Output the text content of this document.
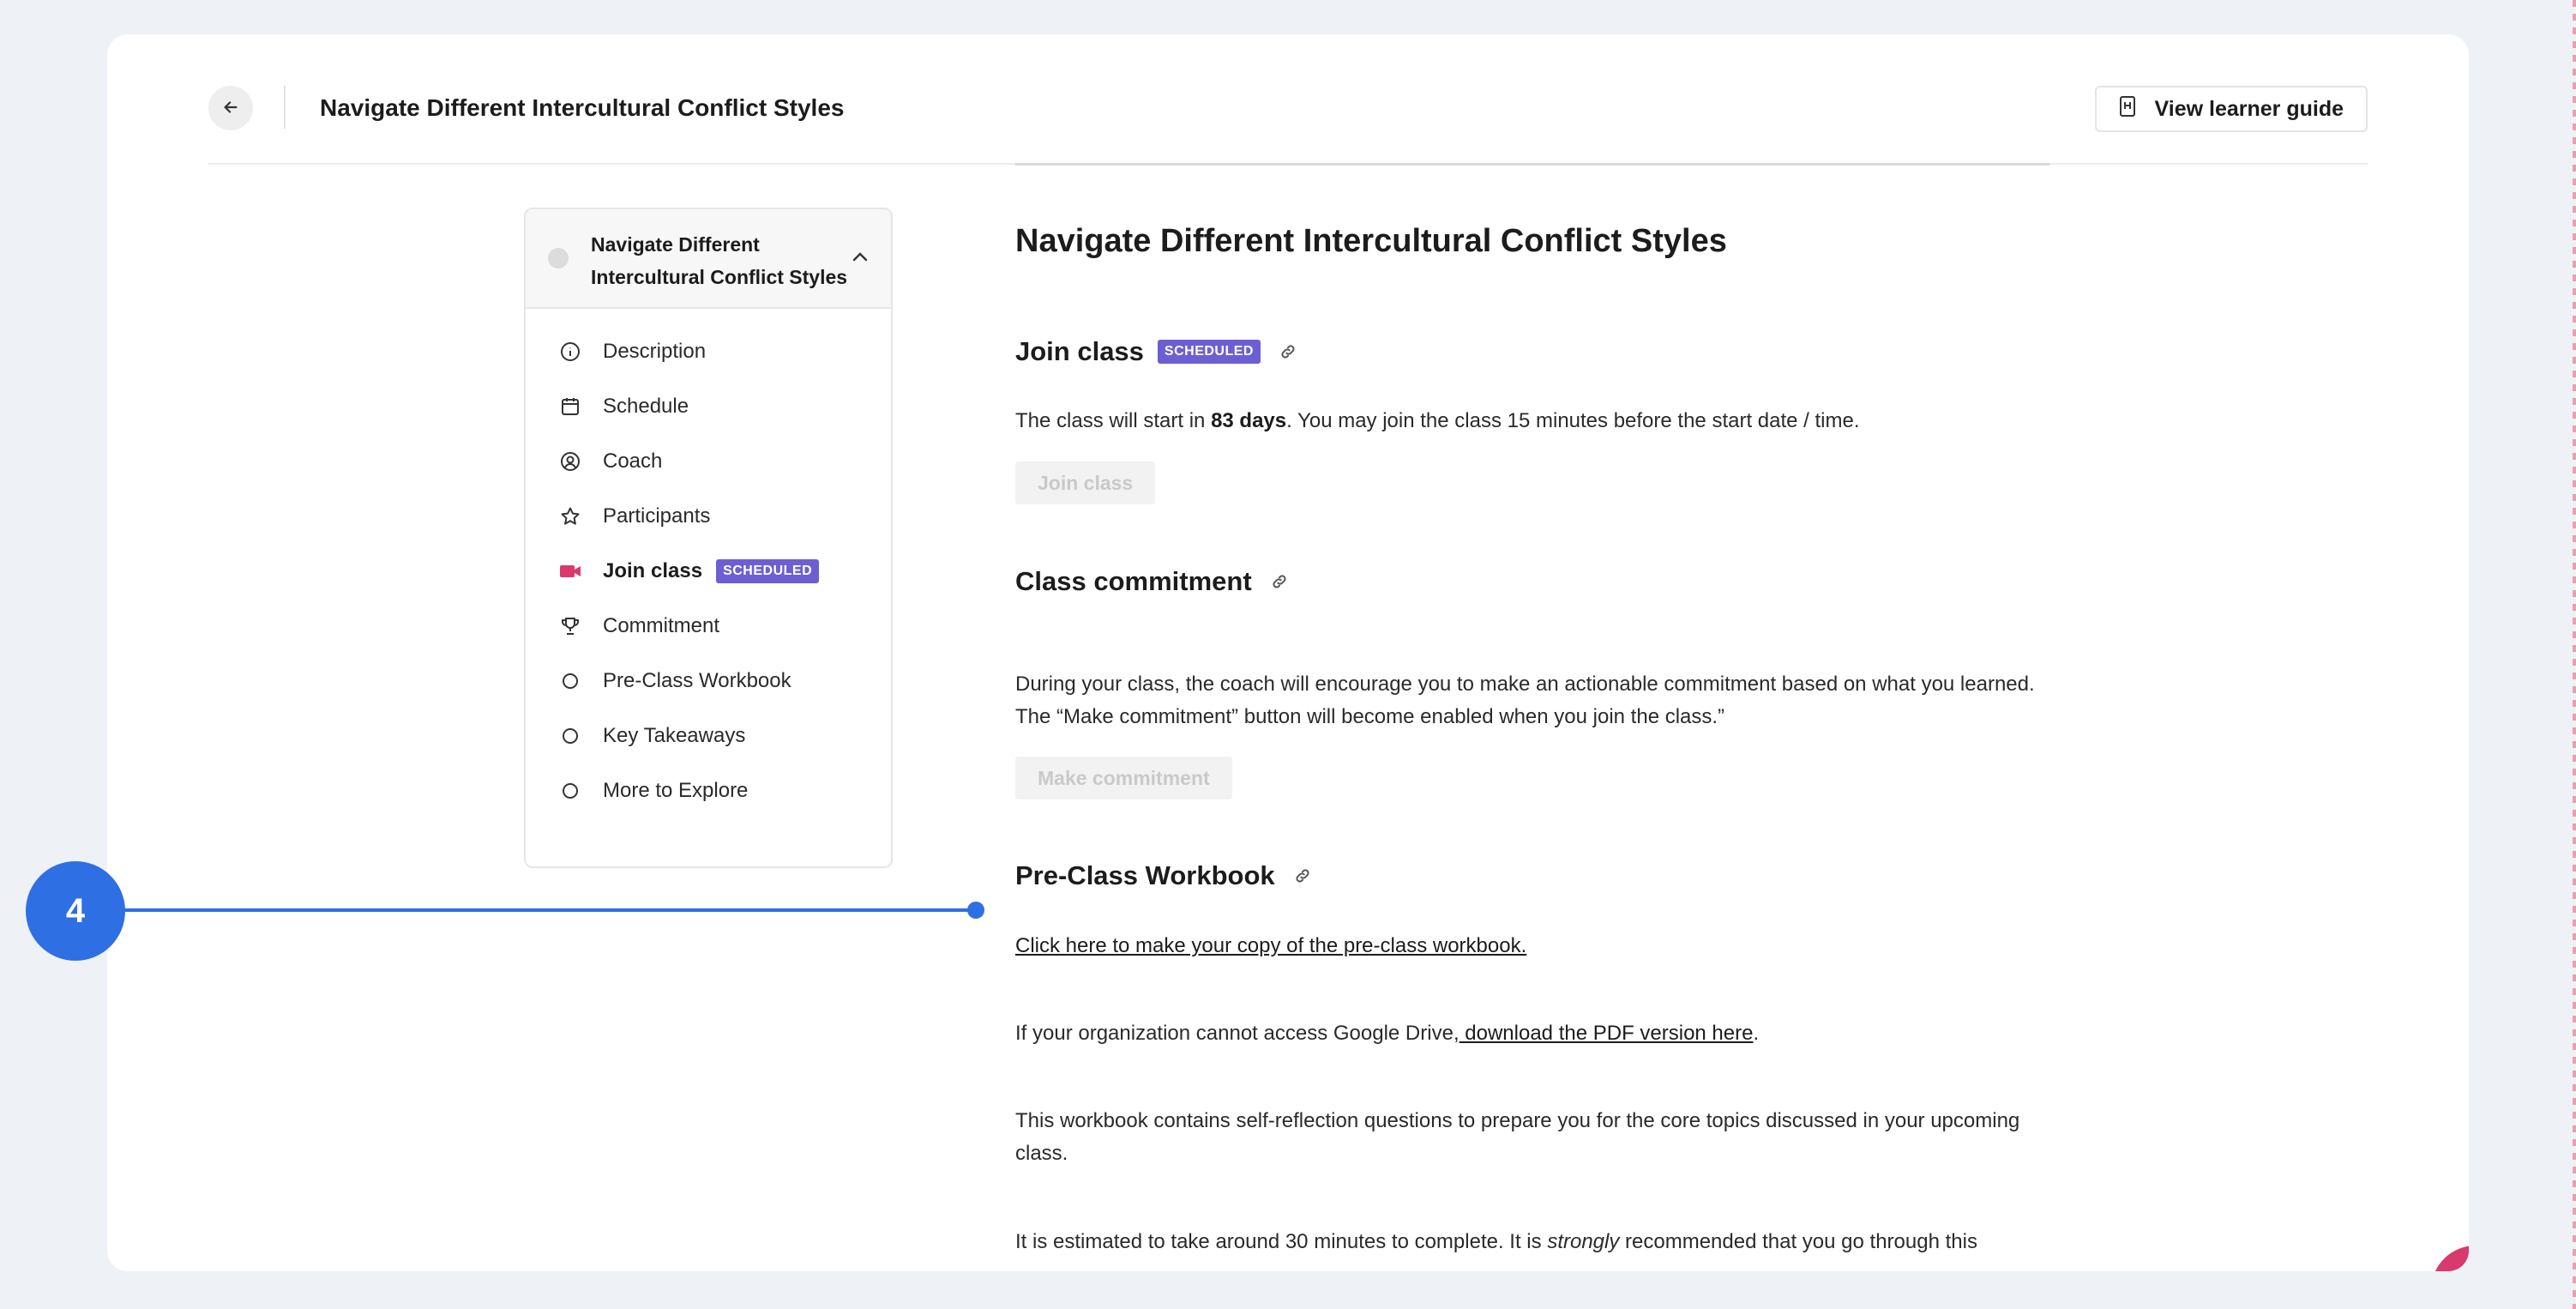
Navigate Different Intercultural Conflict Styles	View learner guide
Navigate Different Intercultural Conflict Styles
Description
Schedule
Coach
Participants
Join class	SCHEDULED
Commitment
Pre-Class Workbook
Key Takeaways
More to Explore
Navigate Different Intercultural Conflict Styles
Join class	SCHEDULED

The class will start in 83 days. You may join the class 15 minutes before the start date / time.

Join class
Class commitment

During your class, the coach will encourage you to make an actionable commitment based on what you learned. The “Make commitment” button will become enabled when you join the class.”

Make commitment
Pre-Class Workbook

Click here to make your copy of the pre-class workbook.

If your organization cannot access Google Drive, download the PDF version here.

This workbook contains self-reflection questions to prepare you for the core topics discussed in your upcoming class.

It is estimated to take around 30 minutes to complete. It is strongly recommended that you go through this

4
